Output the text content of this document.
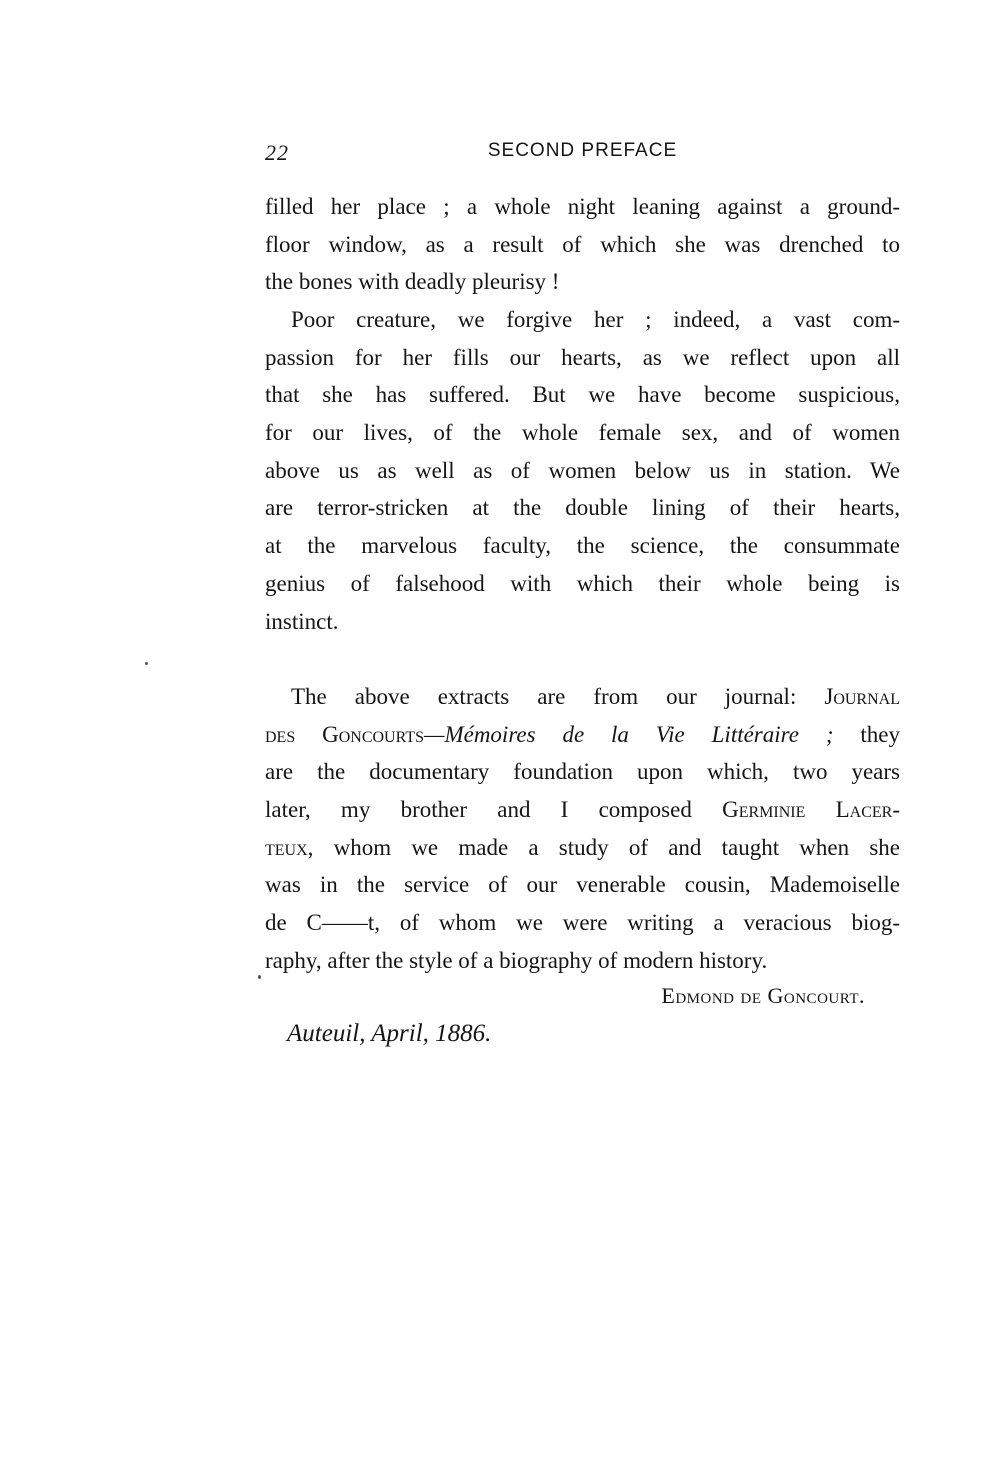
22	SECOND PREFACE
filled her place ; a whole night leaning against a ground-
floor window, as a result of which she was drenched to
the bones with deadly pleurisy !
Poor creature, we forgive her ; indeed, a vast com-
passion for her fills our hearts, as we reflect upon all
that she has suffered. But we have become suspicious,
for our lives, of the whole female sex, and of women
above us as well as of women below us in station. We
are terror-stricken at the double lining of their hearts,
at the marvelous faculty, the science, the consummate
genius of falsehood with which their whole being is
instinct.
The above extracts are from our journal: Journal
des Goncourts—Mémoires de la Vie Littéraire ; they
are the documentary foundation upon which, two years
later, my brother and I composed Germinie Lacer-
teux, whom we made a study of and taught when she
was in the service of our venerable cousin, Mademoiselle
de C——t, of whom we were writing a veracious biog-
raphy, after the style of a biography of modern history.
Edmond de Goncourt.
Auteuil, April, 1886.
